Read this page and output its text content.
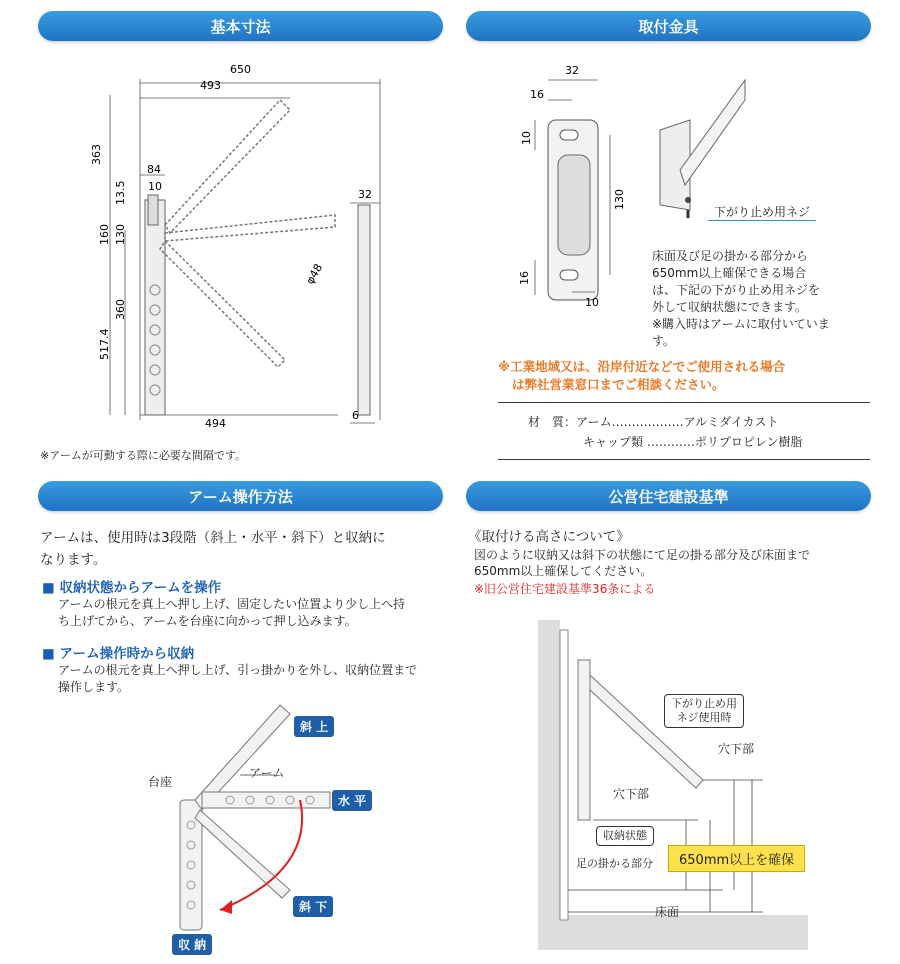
基本寸法	取付金具
アーム操作方法	公営住宅建設基準
650
493
363
84
10
13.5
160 130
360
517.4
494
32
6
φ48
※アームが可動する際に必要な間隔です。
32
16
10
130
16
10
下がり止め用ネジ
床面及び足の掛かる部分から
650mm以上確保できる場合
は、下記の下がり止め用ネジを
外して収納状態にできます。
※購入時はアームに取付いていま
す。
※工業地域又は、沿岸付近などでご使用される場合
は弊社営業窓口までご相談ください。
材　質：アーム………………アルミダイカスト
キャップ類 …………ポリプロピレン樹脂
アームは、使用時は3段階（斜上・水平・斜下）と収納に
なります。
■ 収納状態からアームを操作
アームの根元を真上へ押し上げ、固定したい位置より少し上へ持
ち上げてから、アームを台座に向かって押し込みます。
■ アーム操作時から収納
アームの根元を真上へ押し上げ、引っ掛かりを外し、収納位置まで
操作します。
台座
アーム
斜 上
水 平
斜 下
収 納
《取付ける高さについて》
図のように収納又は斜下の状態にて足の掛る部分及び床面まで
650mm以上確保してください。
※旧公営住宅建設基準36条による
下がり止め用
ネジ使用時
穴下部
穴下部
収納状態
足の掛かる部分
床面
650mm以上を確保
